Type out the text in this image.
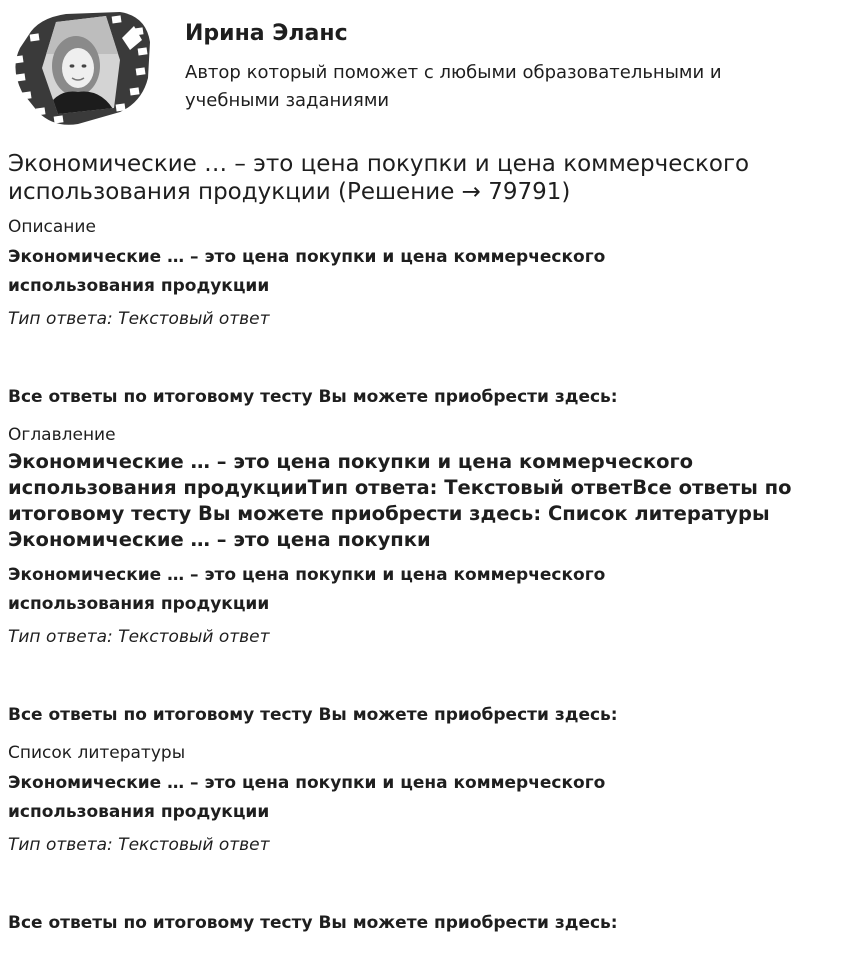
Ирина Эланс

Автор который поможет с любыми образовательными и учебными заданиями

Экономические … – это цена покупки и цена коммерческого
использования продукции (Решение → 79791)

Описание

Экономические … – это цена покупки и цена коммерческого
использования продукции

Тип ответа: Текстовый ответ

Все ответы по итоговому тесту Вы можете приобрести здесь:

Оглавление

Экономические … – это цена покупки и цена коммерческого использования продукцииТип ответа: Текстовый ответВсе ответы по итоговому тесту Вы можете приобрести здесь: Список литературы Экономические … – это цена покупки

Экономические … – это цена покупки и цена коммерческого
использования продукции

Тип ответа: Текстовый ответ

Все ответы по итоговому тесту Вы можете приобрести здесь:

Список литературы

Экономические … – это цена покупки и цена коммерческого
использования продукции

Тип ответа: Текстовый ответ

Все ответы по итоговому тесту Вы можете приобрести здесь:
